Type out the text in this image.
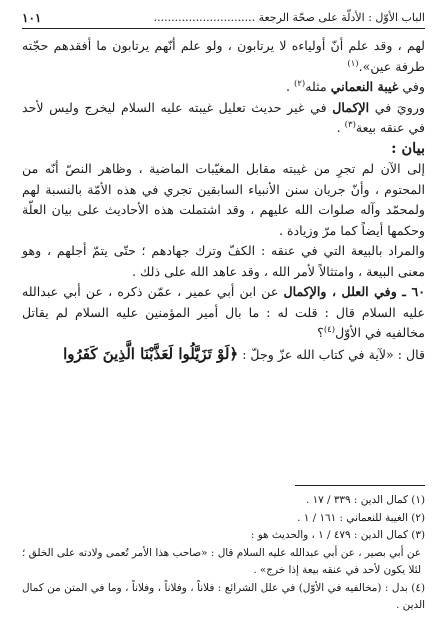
الباب الأوّل : الأدلّة على صحّة الرجعة .............................
١٠١

لهم ، وقد علم أنّ أولياءه لا يرتابون ، ولو علم أنّهم يرتابون ما أفقدهم حجّته طرفة عين».$^{(١)}$

وفي غيبة النعماني مثله$^{(٢)}$ .

ورويَ في الإكمال في غير حديث تعليل غيبته عليه السلام ليخرج وليس لأحد في عنقه بيعة$^{(٣)}$ .

بيان :

إلى الآن لم تجرِ من غيبته مقابل المغيّبات الماضية ، وظاهر النصّ أنّه من المحتوم ، وأنّ جريان سنن الأنبياء السابقين تجري في هذه الأمّة بالنسبة لهم ولمحمّد وآله صلوات الله عليهم ، وقد اشتملت هذه الأحاديث على بيان العلّة وحكمها أيضاً كما مرّ وزيادة .

والمراد بالبيعة التي في عنقه : الكفّ وترك جهادهم ؛ حتّى يتمّ أجلهم ، وهو معنى البيعة ، وامتثالاً لأمر الله ، وقد عاهد الله على ذلك .

٦٠ ـ وفي العلل ، والإكمال عن ابن أبي عمير ، عمّن ذكره ، عن أبي عبدالله عليه السلام قال : قلت له : ما بال أمير المؤمنين عليه السلام لم يقاتل مخالفيه في الأوّل$^{(٤)}$؟

قال : «لآية في كتاب الله عزّ وجلّ : ﴿لَوْ تَزَيَّلُوا لَعَذَّبْنَا الَّذِينَ كَفَرُوا

(١) كمال الدين : ٣٣٩ / ١٧ .

(٢) الغيبة للنعماني : ١٦١ / ١ .

(٣) كمال الدين : ٤٧٩ / ١ ، والحديث هو :

عن أبي بصير ، عن أبي عبدالله عليه السلام قال : «صاحب هذا الأمر تُعمى ولادته على الخلق ؛ لئلا يكون لأحد في عنقه بيعة إذا خرج» .

(٤) بدل : (مخالفيه في الأوّل) في علل الشرائع : فلاناً ، وفلاناً ، وفلاناً ، وما في المتن من كمال الدين .
